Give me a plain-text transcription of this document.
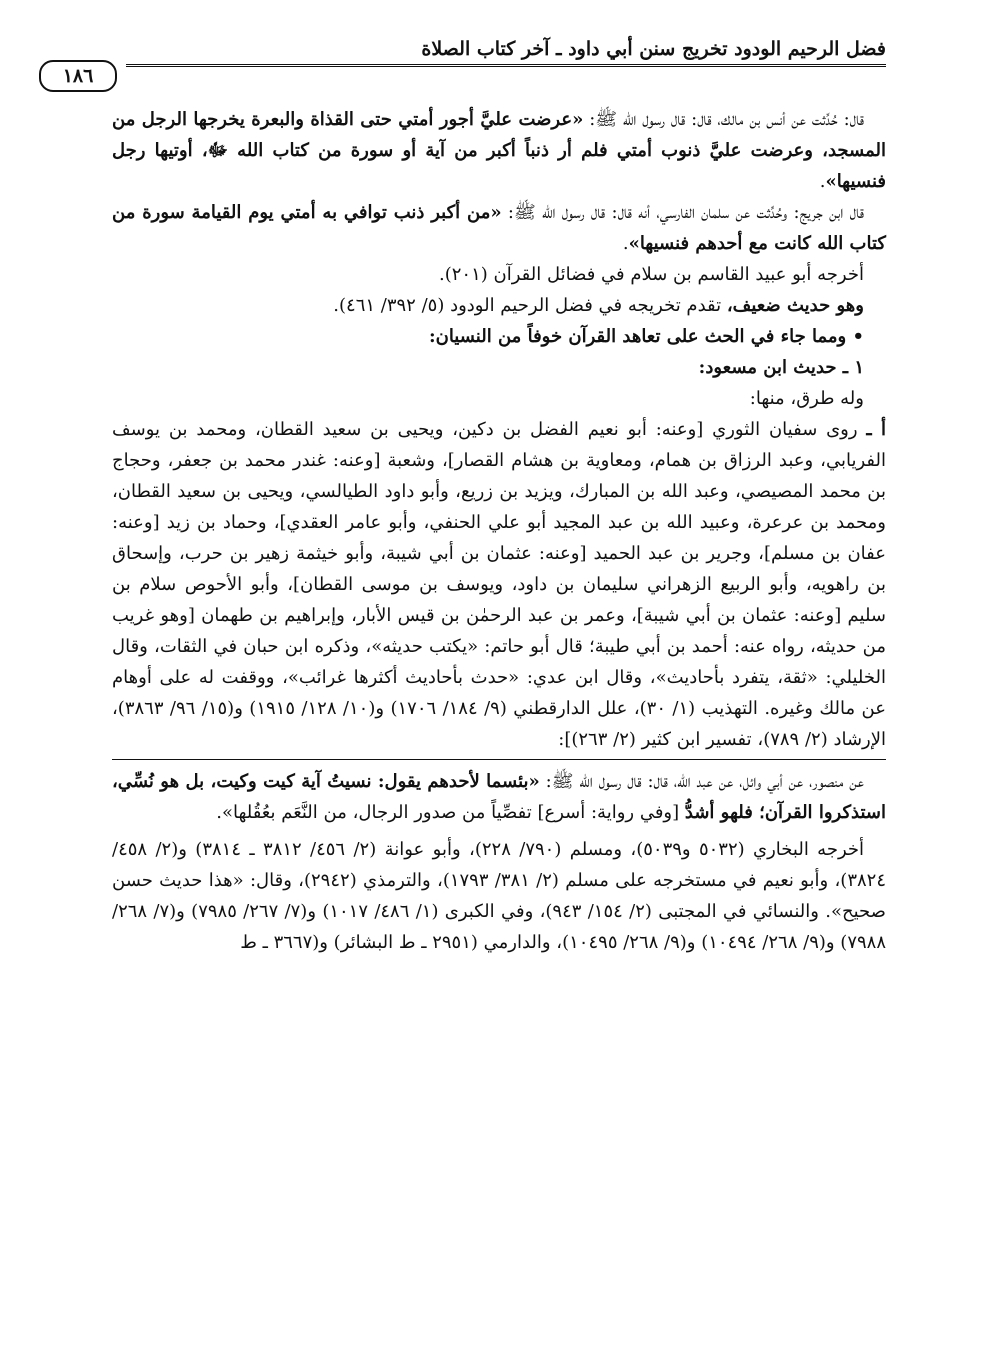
فضل الرحيم الودود تخريج سنن أبي داود ـ آخر كتاب الصلاة
١٨٦

قال: حُدِّثت عن أنس بن مالك، قال: قال رسول الله ﷺ: «عرضت عليَّ أجور أمتي حتى القذاة والبعرة يخرجها الرجل من المسجد، وعرضت عليَّ ذنوب أمتي فلم أر ذنباً أكبر من آية أو سورة من كتاب الله ﷻ، أوتيها رجل فنسيها».

قال ابن جريج: وحُدِّثت عن سلمان الفارسي، أنه قال: قال رسول الله ﷺ: «من أكبر ذنب توافي به أمتي يوم القيامة سورة من كتاب الله كانت مع أحدهم فنسيها».

أخرجه أبو عبيد القاسم بن سلام في فضائل القرآن (٢٠١).

وهو حديث ضعيف، تقدم تخريجه في فضل الرحيم الودود (٥/ ٣٩٢/ ٤٦١).

• ومما جاء في الحث على تعاهد القرآن خوفاً من النسيان:

١ ـ حديث ابن مسعود:

وله طرق، منها:

أ ـ روى سفيان الثوري [وعنه: أبو نعيم الفضل بن دكين، ويحيى بن سعيد القطان، ومحمد بن يوسف الفريابي، وعبد الرزاق بن همام، ومعاوية بن هشام القصار]، وشعبة [وعنه: غندر محمد بن جعفر، وحجاج بن محمد المصيصي، وعبد الله بن المبارك، ويزيد بن زريع، وأبو داود الطيالسي، ويحيى بن سعيد القطان، ومحمد بن عرعرة، وعبيد الله بن عبد المجيد أبو علي الحنفي، وأبو عامر العقدي]، وحماد بن زيد [وعنه: عفان بن مسلم]، وجرير بن عبد الحميد [وعنه: عثمان بن أبي شيبة، وأبو خيثمة زهير بن حرب، وإسحاق بن راهويه، وأبو الربيع الزهراني سليمان بن داود، ويوسف بن موسى القطان]، وأبو الأحوص سلام بن سليم [وعنه: عثمان بن أبي شيبة]، وعمر بن عبد الرحمٰن بن قيس الأبار، وإبراهيم بن طهمان [وهو غريب من حديثه، رواه عنه: أحمد بن أبي طيبة؛ قال أبو حاتم: «يكتب حديثه»، وذكره ابن حبان في الثقات، وقال الخليلي: «ثقة، يتفرد بأحاديث»، وقال ابن عدي: «حدث بأحاديث أكثرها غرائب»، ووقفت له على أوهام عن مالك وغيره. التهذيب (١/ ٣٠)، علل الدارقطني (٩/ ١٨٤/ ١٧٠٦) و(١٠/ ١٢٨/ ١٩١٥) و(١٥/ ٩٦/ ٣٨٦٣)، الإرشاد (٢/ ٧٨٩)، تفسير ابن كثير (٢/ ٢٦٣)]:

عن منصور، عن أبي وائل، عن عبد الله، قال: قال رسول الله ﷺ: «بئسما لأحدهم يقول: نسيتُ آية كيت وكيت، بل هو نُسِّي، استذكروا القرآن؛ فلهو أشدُّ [وفي رواية: أسرع] تفصِّياً من صدور الرجال، من النَّعَم بعُقُلها».

أخرجه البخاري (٥٠٣٢ و٥٠٣٩)، ومسلم (٧٩٠/ ٢٢٨)، وأبو عوانة (٢/ ٤٥٦/ ٣٨١٢ ـ ٣٨١٤) و(٢/ ٤٥٨/ ٣٨٢٤)، وأبو نعيم في مستخرجه على مسلم (٢/ ٣٨١/ ١٧٩٣)، والترمذي (٢٩٤٢)، وقال: «هذا حديث حسن صحيح». والنسائي في المجتبى (٢/ ١٥٤/ ٩٤٣)، وفي الكبرى (١/ ٤٨٦/ ١٠١٧) و(٧/ ٢٦٧/ ٧٩٨٥) و(٧/ ٢٦٨/ ٧٩٨٨) و(٩/ ٢٦٨/ ١٠٤٩٤) و(٩/ ٢٦٨/ ١٠٤٩٥)، والدارمي (٢٩٥١ ـ ط البشائر) و(٣٦٦٧ ـ ط
